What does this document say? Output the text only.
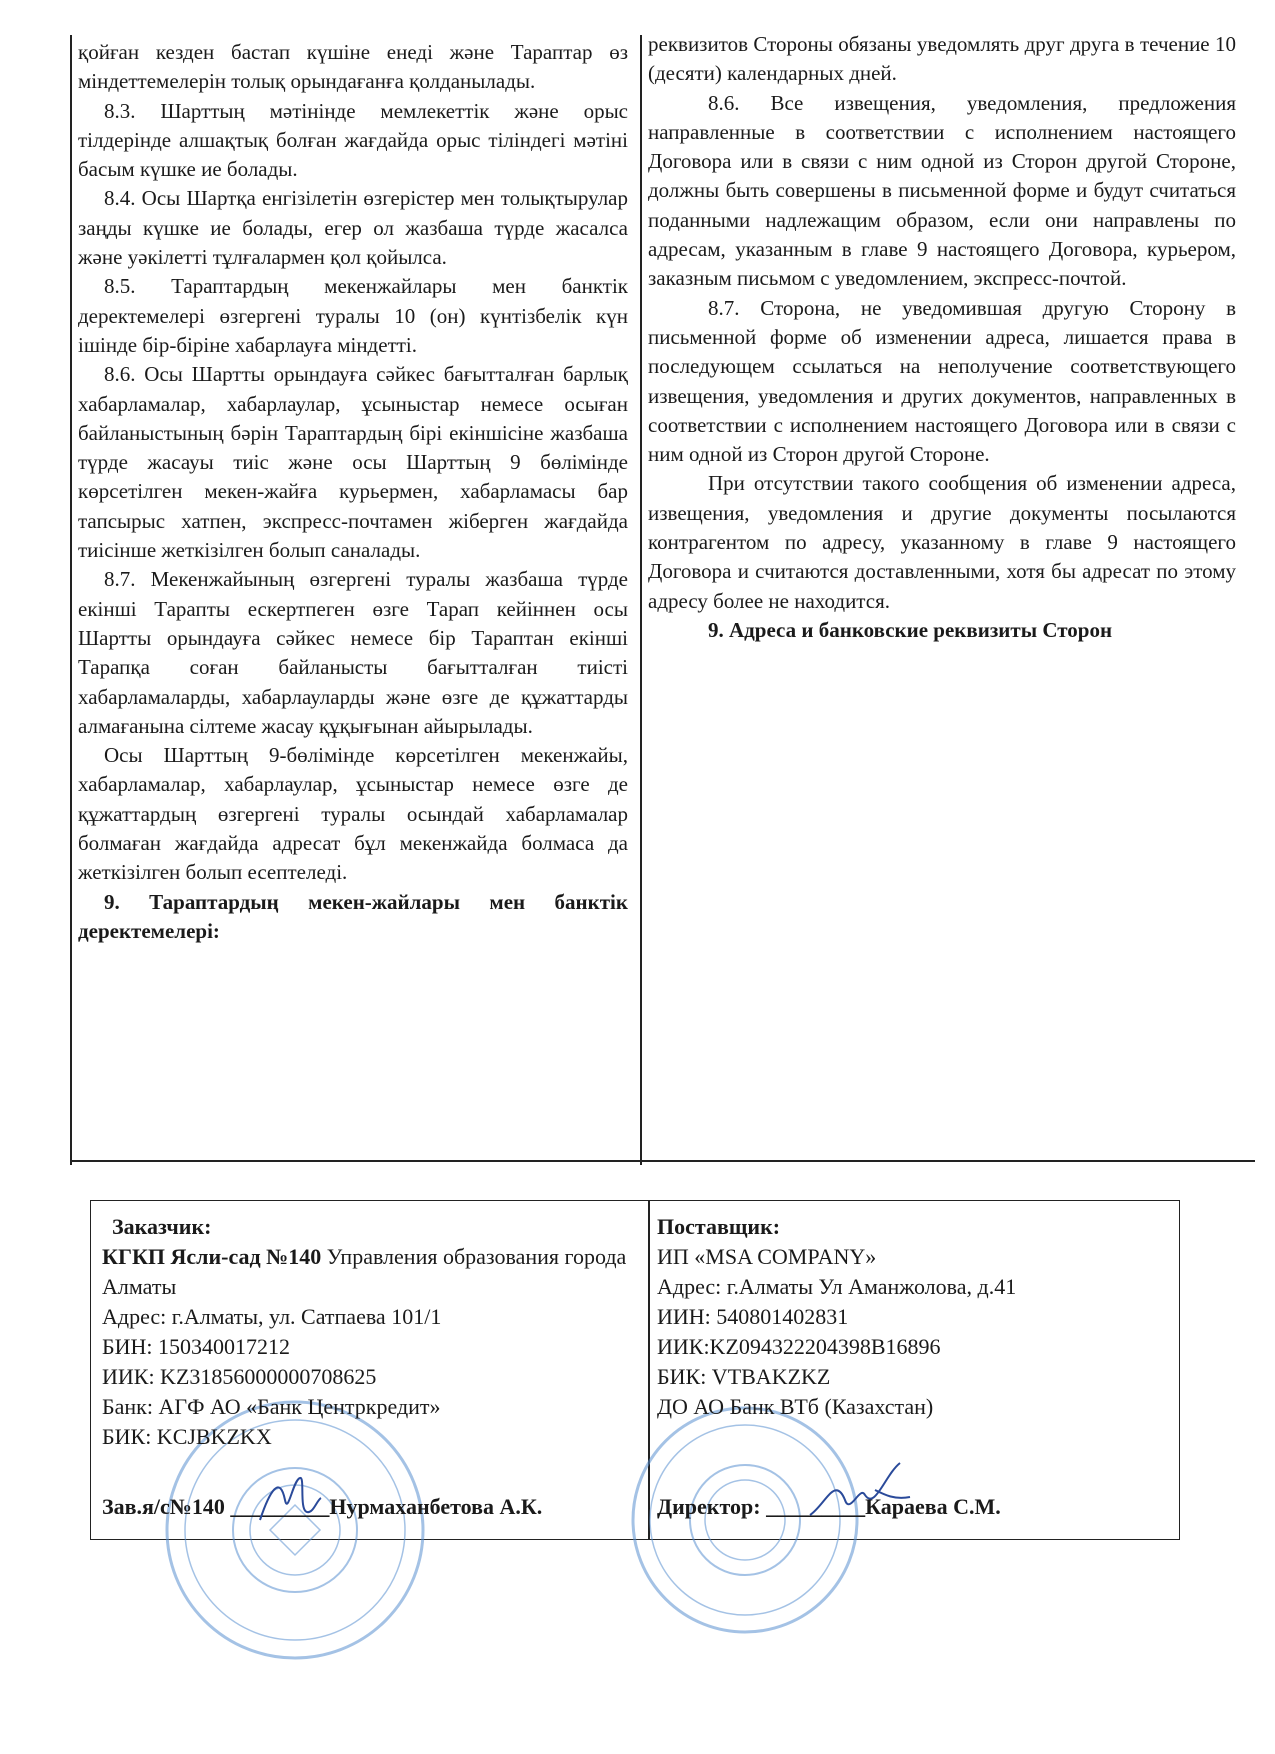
қойған кезден бастап күшіне енеді және Тараптар өз міндеттемелерін толық орындағанға қолданылады.

8.3. Шарттың мәтінінде мемлекеттік және орыс тілдерінде алшақтық болған жағдайда орыс тіліндегі мәтіні басым күшке ие болады.

8.4. Осы Шартқа енгізілетін өзгерістер мен толықтырулар заңды күшке ие болады, егер ол жазбаша түрде жасалса және уәкілетті тұлғалармен қол қойылса.

8.5. Тараптардың мекенжайлары мен банктік деректемелері өзгергені туралы 10 (он) күнтізбелік күн ішінде бір-біріне хабарлауға міндетті.

8.6. Осы Шартты орындауға сәйкес бағытталған барлық хабарламалар, хабарлаулар, ұсыныстар немесе осыған байланыстының бәрін Тараптардың бірі екіншісіне жазбаша түрде жасауы тиіс және осы Шарттың 9 бөлімінде көрсетілген мекен-жайға курьермен, хабарламасы бар тапсырыс хатпен, экспресс-почтамен жіберген жағдайда тиісінше жеткізілген болып саналады.

8.7. Мекенжайының өзгергені туралы жазбаша түрде екінші Тарапты ескертпеген өзге Тарап кейіннен осы Шартты орындауға сәйкес немесе бір Тараптан екінші Тарапқа соған байланысты бағытталған тиісті хабарламаларды, хабарлауларды және өзге де құжаттарды алмағанына сілтеме жасау құқығынан айырылады.

Осы Шарттың 9-бөлімінде көрсетілген мекенжайы, хабарламалар, хабарлаулар, ұсыныстар немесе өзге де құжаттардың өзгергені туралы осындай хабарламалар болмаған жағдайда адресат бұл мекенжайда болмаса да жеткізілген болып есептеледі.

9. Тараптардың мекен-жайлары мен банктік деректемелері:

реквизитов Стороны обязаны уведомлять друг друга в течение 10 (десяти) календарных дней.

8.6. Все извещения, уведомления, предложения направленные в соответствии с исполнением настоящего Договора или в связи с ним одной из Сторон другой Стороне, должны быть совершены в письменной форме и будут считаться поданными надлежащим образом, если они направлены по адресам, указанным в главе 9 настоящего Договора, курьером, заказным письмом с уведомлением, экспресс-почтой.

8.7. Сторона, не уведомившая другую Сторону в письменной форме об изменении адреса, лишается права в последующем ссылаться на неполучение соответствующего извещения, уведомления и других документов, направленных в соответствии с исполнением настоящего Договора или в связи с ним одной из Сторон другой Стороне.

При отсутствии такого сообщения об изменении адреса, извещения, уведомления и другие документы посылаются контрагентом по адресу, указанному в главе 9 настоящего Договора и считаются доставленными, хотя бы адресат по этому адресу более не находится.

9. Адреса и банковские реквизиты Сторон

Заказчик:

КГКП Ясли-сад №140 Управления образования города Алматы

Адрес: г.Алматы, ул. Сатпаева 101/1

БИН: 150340017212

ИИК: KZ31856000000708625

Банк: АГФ АО «Банк Центркредит»

БИК: KCJBKZKX

Зав.я/с№140 _________Нурмаханбетова А.К.

Поставщик:

ИП «MSA COMPANY»

Адрес: г.Алматы Ул Аманжолова, д.41

ИИН: 540801402831

ИИК:KZ094322204398B16896

БИК: VTBAKZKZ

ДО АО Банк ВТб (Казахстан)

Директор: _________Караева С.М.
